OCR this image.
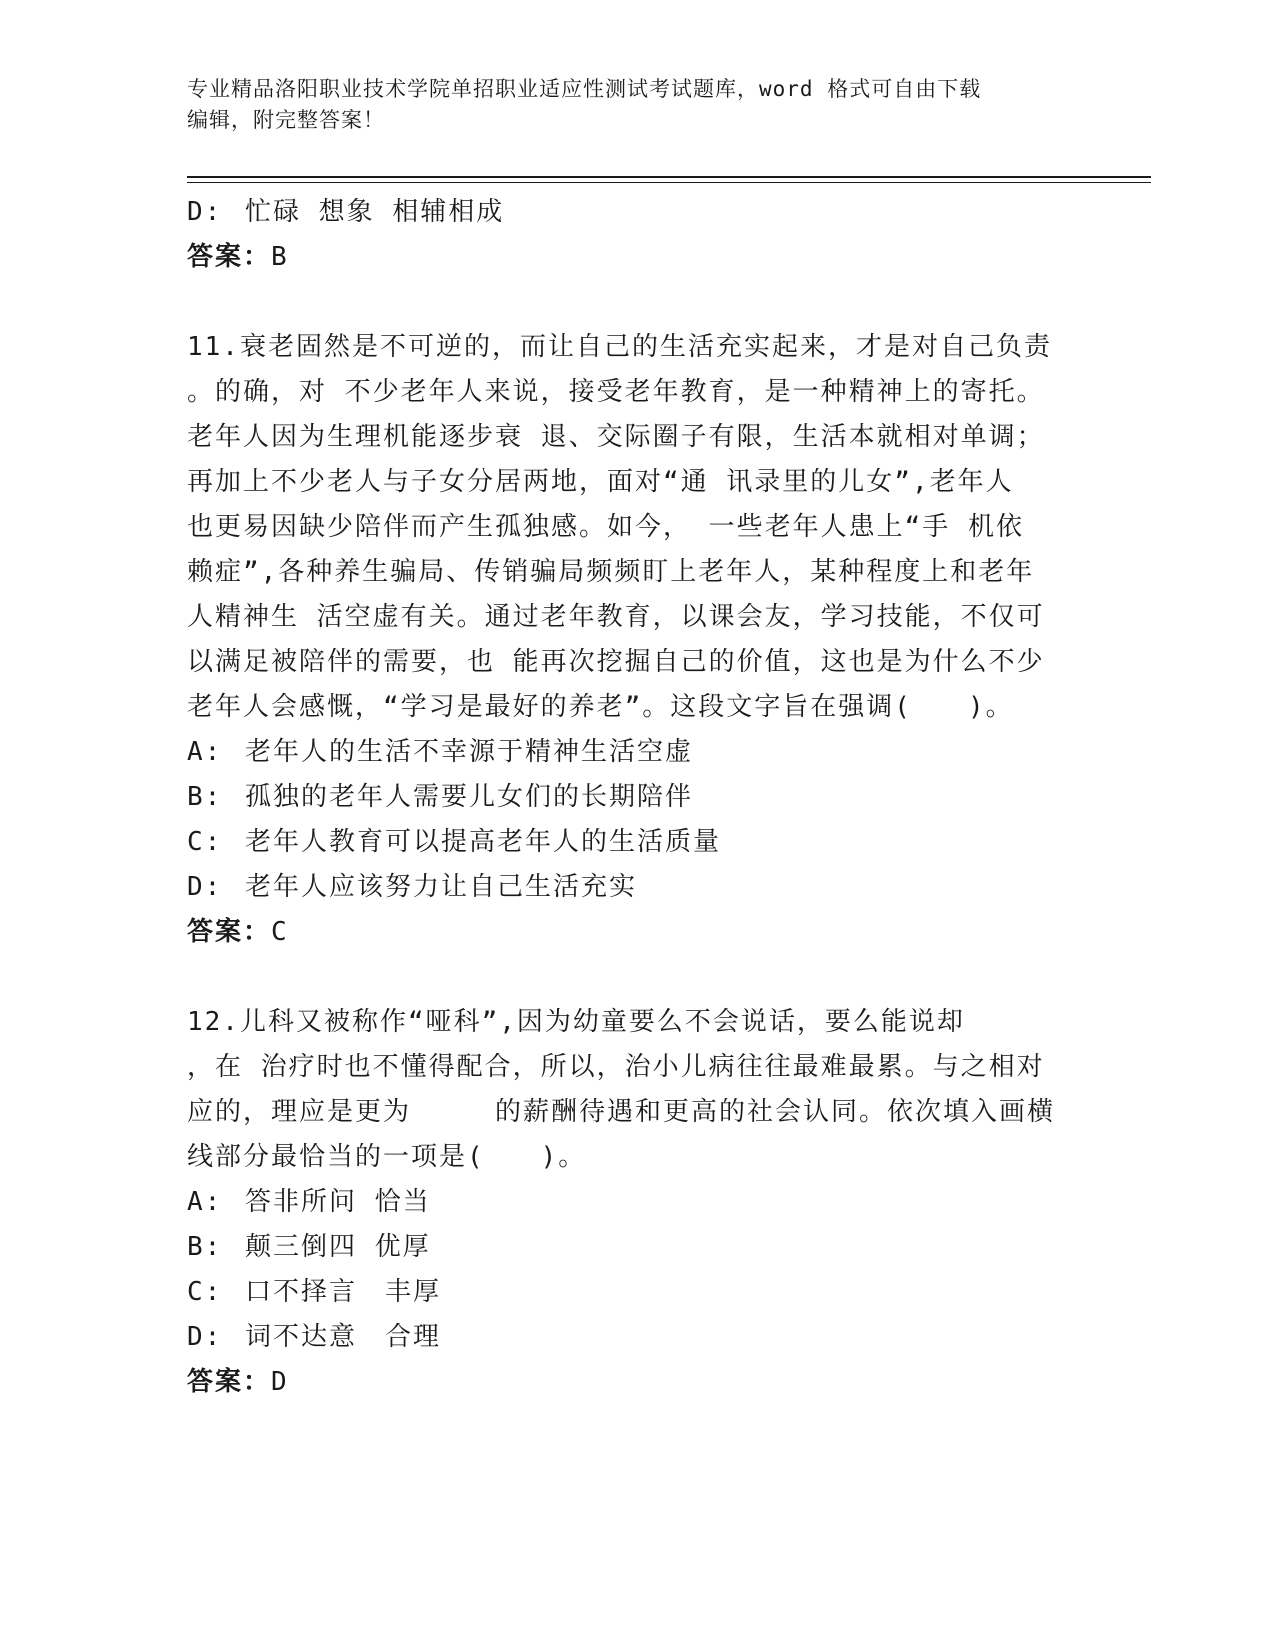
专业精品洛阳职业技术学院单招职业适应性测试考试题库，word 格式可自由下载
编辑，附完整答案！
D: 忙碌 想象 相辅相成
答案：B
11.衰老固然是不可逆的，而让自己的生活充实起来，才是对自己负责
。的确，对 不少老年人来说，接受老年教育，是一种精神上的寄托。
老年人因为生理机能逐步衰 退、交际圈子有限，生活本就相对单调；
再加上不少老人与子女分居两地，面对“通 讯录里的儿女”,老年人
也更易因缺少陪伴而产生孤独感。如今， 一些老年人患上“手 机依
赖症”,各种养生骗局、传销骗局频频盯上老年人，某种程度上和老年
人精神生 活空虚有关。通过老年教育，以课会友，学习技能，不仅可
以满足被陪伴的需要，也 能再次挖掘自己的价值，这也是为什么不少
老年人会感慨，“学习是最好的养老”。这段文字旨在强调(　　)。
A: 老年人的生活不幸源于精神生活空虚
B: 孤独的老年人需要儿女们的长期陪伴
C: 老年人教育可以提高老年人的生活质量
D: 老年人应该努力让自己生活充实
答案：C
12.儿科又被称作“哑科”,因为幼童要么不会说话，要么能说却
，在 治疗时也不懂得配合，所以，治小儿病往往最难最累。与之相对
应的，理应是更为　　　的薪酬待遇和更高的社会认同。依次填入画横
线部分最恰当的一项是(　　)。
A: 答非所问 恰当
B: 颠三倒四 优厚
C: 口不择言　丰厚
D: 词不达意　合理
答案：D
